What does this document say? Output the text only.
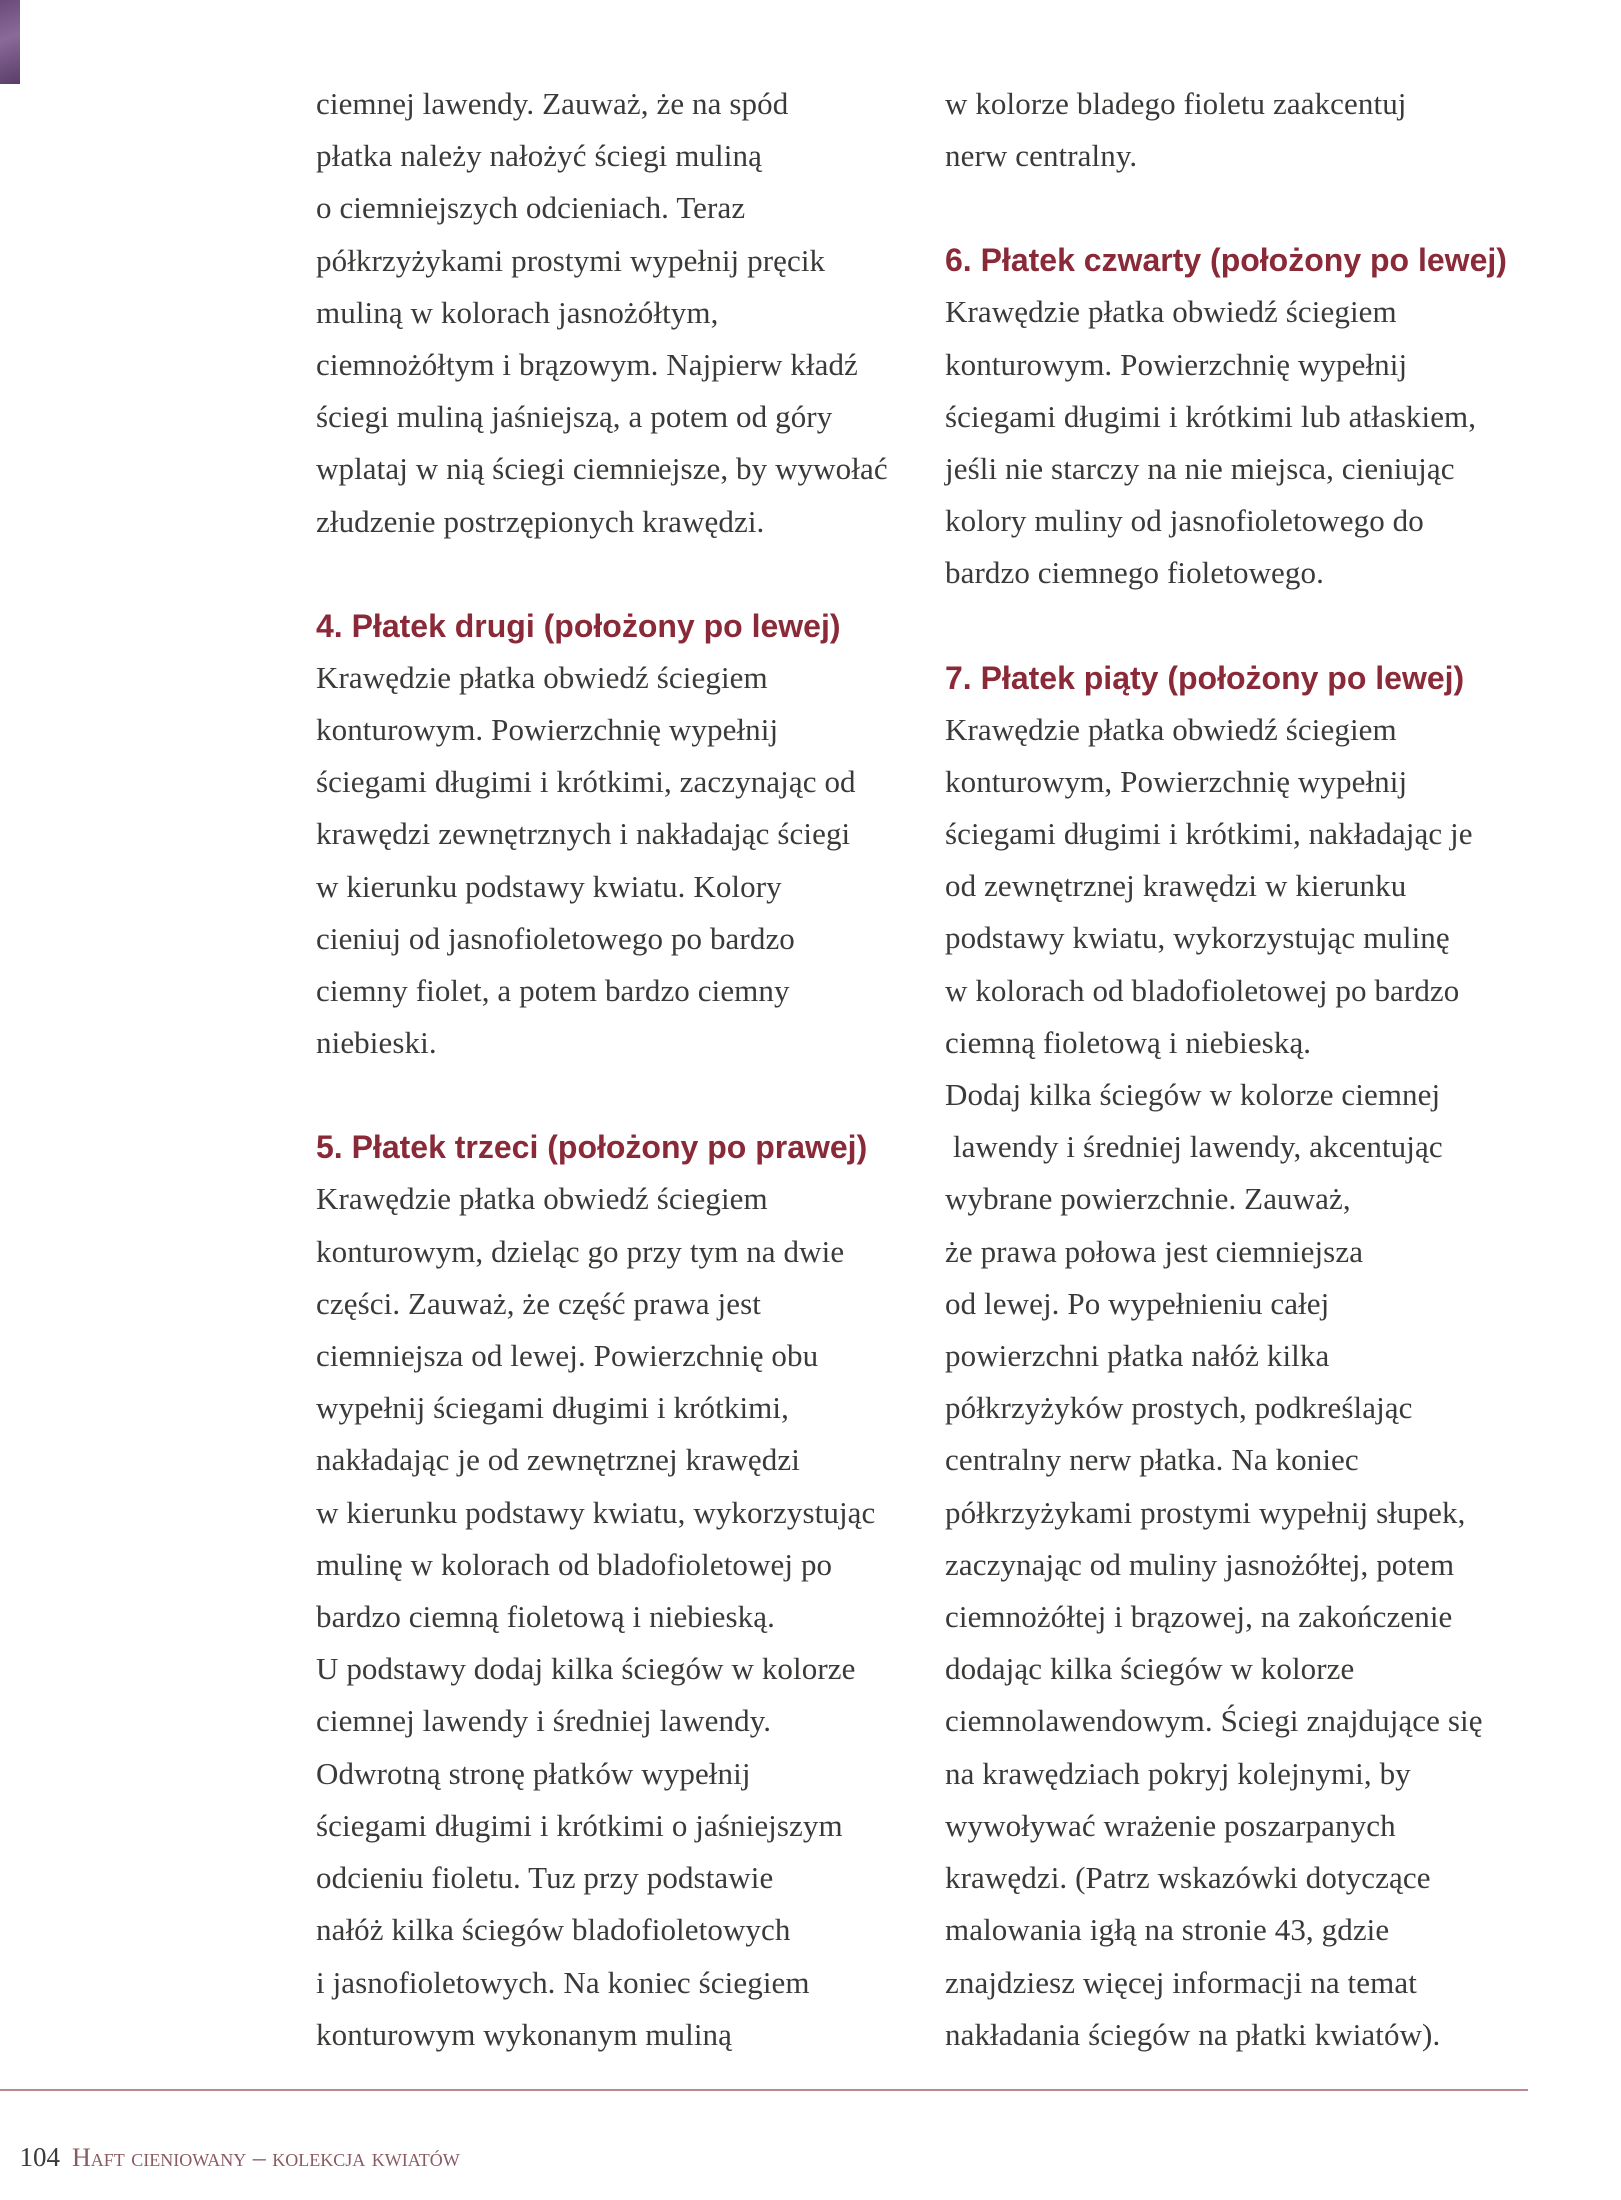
ciemnej lawendy. Zauważ, że na spód
płatka należy nałożyć ściegi muliną
o ciemniejszych odcieniach. Teraz
półkrzyżykami prostymi wypełnij pręcik
muliną w kolorach jasnożółtym,
ciemnożółtym i brązowym. Najpierw kładź
ściegi muliną jaśniejszą, a potem od góry
wplataj w nią ściegi ciemniejsze, by wywołać
złudzenie postrzępionych krawędzi.
4. Płatek drugi (położony po lewej)
Krawędzie płatka obwiedź ściegiem
konturowym. Powierzchnię wypełnij
ściegami długimi i krótkimi, zaczynając od
krawędzi zewnętrznych i nakładając ściegi
w kierunku podstawy kwiatu. Kolory
cieniuj od jasnofioletowego po bardzo
ciemny fiolet, a potem bardzo ciemny
niebieski.
5. Płatek trzeci (położony po prawej)
Krawędzie płatka obwiedź ściegiem
konturowym, dzieląc go przy tym na dwie
części. Zauważ, że część prawa jest
ciemniejsza od lewej. Powierzchnię obu
wypełnij ściegami długimi i krótkimi,
nakładając je od zewnętrznej krawędzi
w kierunku podstawy kwiatu, wykorzystując
mulinę w kolorach od bladofioletowej po
bardzo ciemną fioletową i niebieską.
U podstawy dodaj kilka ściegów w kolorze
ciemnej lawendy i średniej lawendy.
Odwrotną stronę płatków wypełnij
ściegami długimi i krótkimi o jaśniejszym
odcieniu fioletu. Tuz przy podstawie
nałóż kilka ściegów bladofioletowych
i jasnofioletowych. Na koniec ściegiem
konturowym wykonanym muliną
w kolorze bladego fioletu zaakcentuj
nerw centralny.
6. Płatek czwarty (położony po lewej)
Krawędzie płatka obwiedź ściegiem
konturowym. Powierzchnię wypełnij
ściegami długimi i krótkimi lub atłaskiem,
jeśli nie starczy na nie miejsca, cieniując
kolory muliny od jasnofioletowego do
bardzo ciemnego fioletowego.
7. Płatek piąty (położony po lewej)
Krawędzie płatka obwiedź ściegiem
konturowym, Powierzchnię wypełnij
ściegami długimi i krótkimi, nakładając je
od zewnętrznej krawędzi w kierunku
podstawy kwiatu, wykorzystując mulinę
w kolorach od bladofioletowej po bardzo
ciemną fioletową i niebieską.
Dodaj kilka ściegów w kolorze ciemnej
lawendy i średniej lawendy, akcentując
wybrane powierzchnie. Zauważ,
że prawa połowa jest ciemniejsza
od lewej. Po wypełnieniu całej
powierzchni płatka nałóż kilka
półkrzyżyków prostych, podkreślając
centralny nerw płatka. Na koniec
półkrzyżykami prostymi wypełnij słupek,
zaczynając od muliny jasnożółtej, potem
ciemnożółtej i brązowej, na zakończenie
dodając kilka ściegów w kolorze
ciemnolawendowym. Ściegi znajdujące się
na krawędziach pokryj kolejnymi, by
wywoływać wrażenie poszarpanych
krawędzi. (Patrz wskazówki dotyczące
malowania igłą na stronie 43, gdzie
znajdziesz więcej informacji na temat
nakładania ściegów na płatki kwiatów).

104 Haft cieniowany – kolekcja kwiatów
